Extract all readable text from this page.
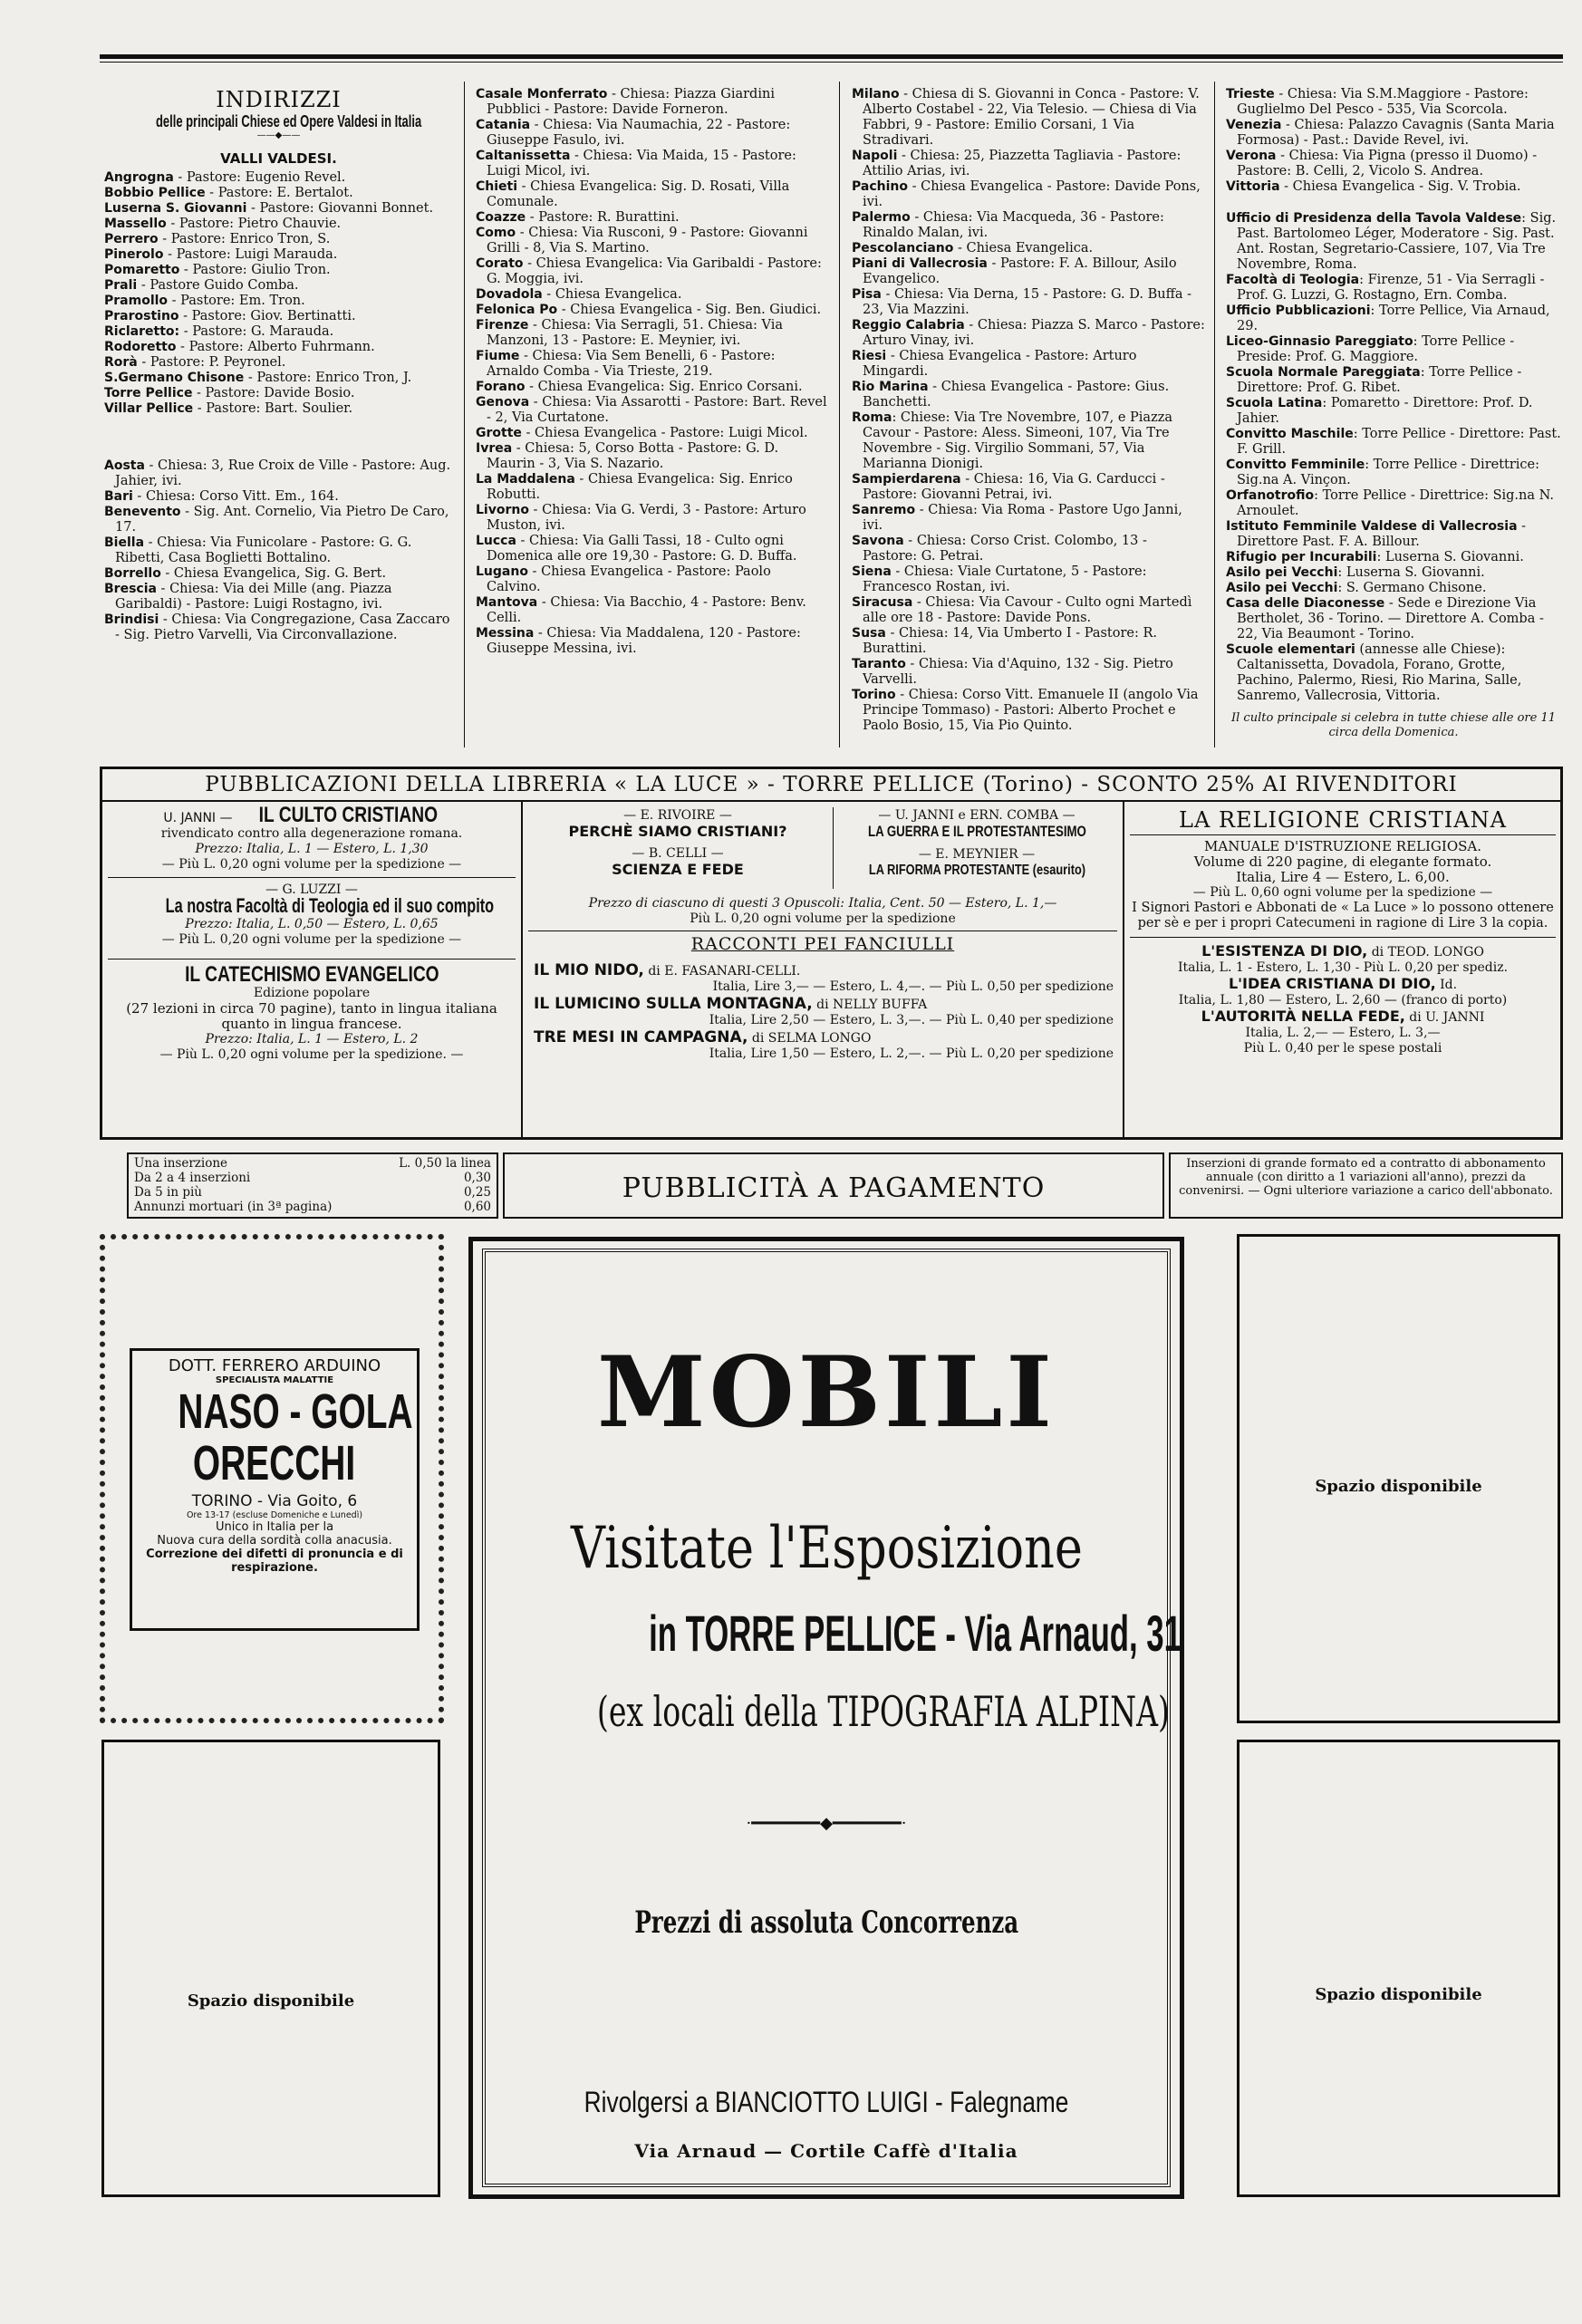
INDIRIZZI
delle principali Chiese ed Opere Valdesi in Italia
——◆——
VALLI VALDESI.

Angrogna - Pastore: Eugenio Revel.

Bobbio Pellice - Pastore: E. Bertalot.

Luserna S. Giovanni - Pastore: Giovanni Bonnet.

Massello - Pastore: Pietro Chauvie.

Perrero - Pastore: Enrico Tron, S.

Pinerolo - Pastore: Luigi Marauda.

Pomaretto - Pastore: Giulio Tron.

Prali - Pastore Guido Comba.

Pramollo - Pastore: Em. Tron.

Prarostino - Pastore: Giov. Bertinatti.

Riclaretto: - Pastore: G. Marauda.

Rodoretto - Pastore: Alberto Fuhrmann.

Rorà - Pastore: P. Peyronel.

S.Germano Chisone - Pastore: Enrico Tron, J.

Torre Pellice - Pastore: Davide Bosio.

Villar Pellice - Pastore: Bart. Soulier.

Aosta - Chiesa: 3, Rue Croix de Ville - Pastore: Aug. Jahier, ivi.

Bari - Chiesa: Corso Vitt. Em., 164.

Benevento - Sig. Ant. Cornelio, Via Pietro De Caro, 17.

Biella - Chiesa: Via Funicolare - Pastore: G. G. Ribetti, Casa Boglietti Bottalino.

Borrello - Chiesa Evangelica, Sig. G. Bert.

Brescia - Chiesa: Via dei Mille (ang. Piazza Garibaldi) - Pastore: Luigi Rostagno, ivi.

Brindisi - Chiesa: Via Congregazione, Casa Zaccaro - Sig. Pietro Varvelli, Via Circonvallazione.

Casale Monferrato - Chiesa: Piazza Giardini Pubblici - Pastore: Davide Forneron.

Catania - Chiesa: Via Naumachia, 22 - Pastore: Giuseppe Fasulo, ivi.

Caltanissetta - Chiesa: Via Maida, 15 - Pastore: Luigi Micol, ivi.

Chieti - Chiesa Evangelica: Sig. D. Rosati, Villa Comunale.

Coazze - Pastore: R. Burattini.

Como - Chiesa: Via Rusconi, 9 - Pastore: Giovanni Grilli - 8, Via S. Martino.

Corato - Chiesa Evangelica: Via Garibaldi - Pastore: G. Moggia, ivi.

Dovadola - Chiesa Evangelica.

Felonica Po - Chiesa Evangelica - Sig. Ben. Giudici.

Firenze - Chiesa: Via Serragli, 51. Chiesa: Via Manzoni, 13 - Pastore: E. Meynier, ivi.

Fiume - Chiesa: Via Sem Benelli, 6 - Pastore: Arnaldo Comba - Via Trieste, 219.

Forano - Chiesa Evangelica: Sig. Enrico Corsani.

Genova - Chiesa: Via Assarotti - Pastore: Bart. Revel - 2, Via Curtatone.

Grotte - Chiesa Evangelica - Pastore: Luigi Micol.

Ivrea - Chiesa: 5, Corso Botta - Pastore: G. D. Maurin - 3, Via S. Nazario.

La Maddalena - Chiesa Evangelica: Sig. Enrico Robutti.

Livorno - Chiesa: Via G. Verdi, 3 - Pastore: Arturo Muston, ivi.

Lucca - Chiesa: Via Galli Tassi, 18 - Culto ogni Domenica alle ore 19,30 - Pastore: G. D. Buffa.

Lugano - Chiesa Evangelica - Pastore: Paolo Calvino.

Mantova - Chiesa: Via Bacchio, 4 - Pastore: Benv. Celli.

Messina - Chiesa: Via Maddalena, 120 - Pastore: Giuseppe Messina, ivi.

Milano - Chiesa di S. Giovanni in Conca - Pastore: V. Alberto Costabel - 22, Via Telesio. — Chiesa di Via Fabbri, 9 - Pastore: Emilio Corsani, 1 Via Stradivari.

Napoli - Chiesa: 25, Piazzetta Tagliavia - Pastore: Attilio Arias, ivi.

Pachino - Chiesa Evangelica - Pastore: Davide Pons, ivi.

Palermo - Chiesa: Via Macqueda, 36 - Pastore: Rinaldo Malan, ivi.

Pescolanciano - Chiesa Evangelica.

Piani di Vallecrosia - Pastore: F. A. Billour, Asilo Evangelico.

Pisa - Chiesa: Via Derna, 15 - Pastore: G. D. Buffa - 23, Via Mazzini.

Reggio Calabria - Chiesa: Piazza S. Marco - Pastore: Arturo Vinay, ivi.

Riesi - Chiesa Evangelica - Pastore: Arturo Mingardi.

Rio Marina - Chiesa Evangelica - Pastore: Gius. Banchetti.

Roma: Chiese: Via Tre Novembre, 107, e Piazza Cavour - Pastore: Aless. Simeoni, 107, Via Tre Novembre - Sig. Virgilio Sommani, 57, Via Marianna Dionigi.

Sampierdarena - Chiesa: 16, Via G. Carducci - Pastore: Giovanni Petrai, ivi.

Sanremo - Chiesa: Via Roma - Pastore Ugo Janni, ivi.

Savona - Chiesa: Corso Crist. Colombo, 13 - Pastore: G. Petrai.

Siena - Chiesa: Viale Curtatone, 5 - Pastore: Francesco Rostan, ivi.

Siracusa - Chiesa: Via Cavour - Culto ogni Martedì alle ore 18 - Pastore: Davide Pons.

Susa - Chiesa: 14, Via Umberto I - Pastore: R. Burattini.

Taranto - Chiesa: Via d'Aquino, 132 - Sig. Pietro Varvelli.

Torino - Chiesa: Corso Vitt. Emanuele II (angolo Via Principe Tommaso) - Pastori: Alberto Prochet e Paolo Bosio, 15, Via Pio Quinto.

Trieste - Chiesa: Via S.M.Maggiore - Pastore: Guglielmo Del Pesco - 535, Via Scorcola.

Venezia - Chiesa: Palazzo Cavagnis (Santa Maria Formosa) - Past.: Davide Revel, ivi.

Verona - Chiesa: Via Pigna (presso il Duomo) - Pastore: B. Celli, 2, Vicolo S. Andrea.

Vittoria - Chiesa Evangelica - Sig. V. Trobia.

Ufficio di Presidenza della Tavola Valdese: Sig. Past. Bartolomeo Léger, Moderatore - Sig. Past. Ant. Rostan, Segretario-Cassiere, 107, Via Tre Novembre, Roma.

Facoltà di Teologia: Firenze, 51 - Via Serragli - Prof. G. Luzzi, G. Rostagno, Ern. Comba.

Ufficio Pubblicazioni: Torre Pellice, Via Arnaud, 29.

Liceo-Ginnasio Pareggiato: Torre Pellice - Preside: Prof. G. Maggiore.

Scuola Normale Pareggiata: Torre Pellice - Direttore: Prof. G. Ribet.

Scuola Latina: Pomaretto - Direttore: Prof. D. Jahier.

Convitto Maschile: Torre Pellice - Direttore: Past. F. Grill.

Convitto Femminile: Torre Pellice - Direttrice: Sig.na A. Vinçon.

Orfanotrofio: Torre Pellice - Direttrice: Sig.na N. Arnoulet.

Istituto Femminile Valdese di Vallecrosia - Direttore Past. F. A. Billour.

Rifugio per Incurabili: Luserna S. Giovanni.

Asilo pei Vecchi: Luserna S. Giovanni.

Asilo pei Vecchi: S. Germano Chisone.

Casa delle Diaconesse - Sede e Direzione Via Bertholet, 36 - Torino. — Direttore A. Comba - 22, Via Beaumont - Torino.

Scuole elementari (annesse alle Chiese): Caltanissetta, Dovadola, Forano, Grotte, Pachino, Palermo, Riesi, Rio Marina, Salle, Sanremo, Vallecrosia, Vittoria.

Il culto principale si celebra in tutte chiese alle ore 11 circa della Domenica.
PUBBLICAZIONI DELLA LIBRERIA « LA LUCE » - TORRE PELLICE (Torino) - SCONTO 25% AI RIVENDITORI
U. JANNI — IL CULTO CRISTIANO
rivendicato contro alla degenerazione romana.
Prezzo: Italia, L. 1 — Estero, L. 1,30
— Più L. 0,20 ogni volume per la spedizione —
— G. LUZZI —
La nostra Facoltà di Teologia ed il suo compito
Prezzo: Italia, L. 0,50 — Estero, L. 0,65
— Più L. 0,20 ogni volume per la spedizione —
IL CATECHISMO EVANGELICO
Edizione popolare
(27 lezioni in circa 70 pagine), tanto in lingua italiana quanto in lingua francese.
Prezzo: Italia, L. 1 — Estero, L. 2
— Più L. 0,20 ogni volume per la spedizione. —
— E. RIVOIRE —
PERCHÈ SIAMO CRISTIANI?
— B. CELLI —
SCIENZA E FEDE
— U. JANNI e ERN. COMBA —
LA GUERRA E IL PROTESTANTESIMO
— E. MEYNIER —
LA RIFORMA PROTESTANTE (esaurito)
Prezzo di ciascuno di questi 3 Opuscoli: Italia, Cent. 50 — Estero, L. 1,—
Più L. 0,20 ogni volume per la spedizione
RACCONTI PEI FANCIULLI
IL MIO NIDO, di E. FASANARI-CELLI.
Italia, Lire 3,— — Estero, L. 4,—. — Più L. 0,50 per spedizione
IL LUMICINO SULLA MONTAGNA, di NELLY BUFFA
Italia, Lire 2,50 — Estero, L. 3,—. — Più L. 0,40 per spedizione
TRE MESI IN CAMPAGNA, di SELMA LONGO
Italia, Lire 1,50 — Estero, L. 2,—. — Più L. 0,20 per spedizione
LA RELIGIONE CRISTIANA
MANUALE D'ISTRUZIONE RELIGIOSA.
Volume di 220 pagine, di elegante formato.
Italia, Lire 4 — Estero, L. 6,00.
— Più L. 0,60 ogni volume per la spedizione —
I Signori Pastori e Abbonati de « La Luce » lo possono ottenere per sè e per i propri Catecumeni in ragione di Lire 3 la copia.
L'ESISTENZA DI DIO, di TEOD. LONGO
Italia, L. 1 - Estero, L. 1,30 - Più L. 0,20 per spediz.
L'IDEA CRISTIANA DI DIO, Id.
Italia, L. 1,80 — Estero, L. 2,60 — (franco di porto)
L'AUTORITÀ NELLA FEDE, di U. JANNI
Italia, L. 2,— — Estero, L. 3,—
Più L. 0,40 per le spese postali
Una inserzione	L. 0,50 la linea
Da 2 a 4 inserzioni	0,30
Da 5 in più	0,25
Annunzi mortuari (in 3ª pagina)	0,60
PUBBLICITÀ A PAGAMENTO
Inserzioni di grande formato ed a contratto di abbonamento annuale (con diritto a 1 variazioni all'anno), prezzi da convenirsi. — Ogni ulteriore variazione a carico dell'abbonato.
DOTT. FERRERO ARDUINO
SPECIALISTA MALATTIE
NASO - GOLA
ORECCHI
TORINO - Via Goito, 6
Ore 13-17 (escluse Domeniche e Lunedì)
Unico in Italia per la
Nuova cura della sordità colla anacusia.
Correzione dei difetti di pronuncia e di respirazione.
Spazio disponibile
MOBILI
Visitate l'Esposizione
in TORRE PELLICE - Via Arnaud, 31
(ex locali della TIPOGRAFIA ALPINA)
·━━━━━━━◆━━━━━━━·
Prezzi di assoluta Concorrenza
Rivolgersi a BIANCIOTTO LUIGI - Falegname
Via Arnaud — Cortile Caffè d'Italia
Spazio disponibile
Spazio disponibile
